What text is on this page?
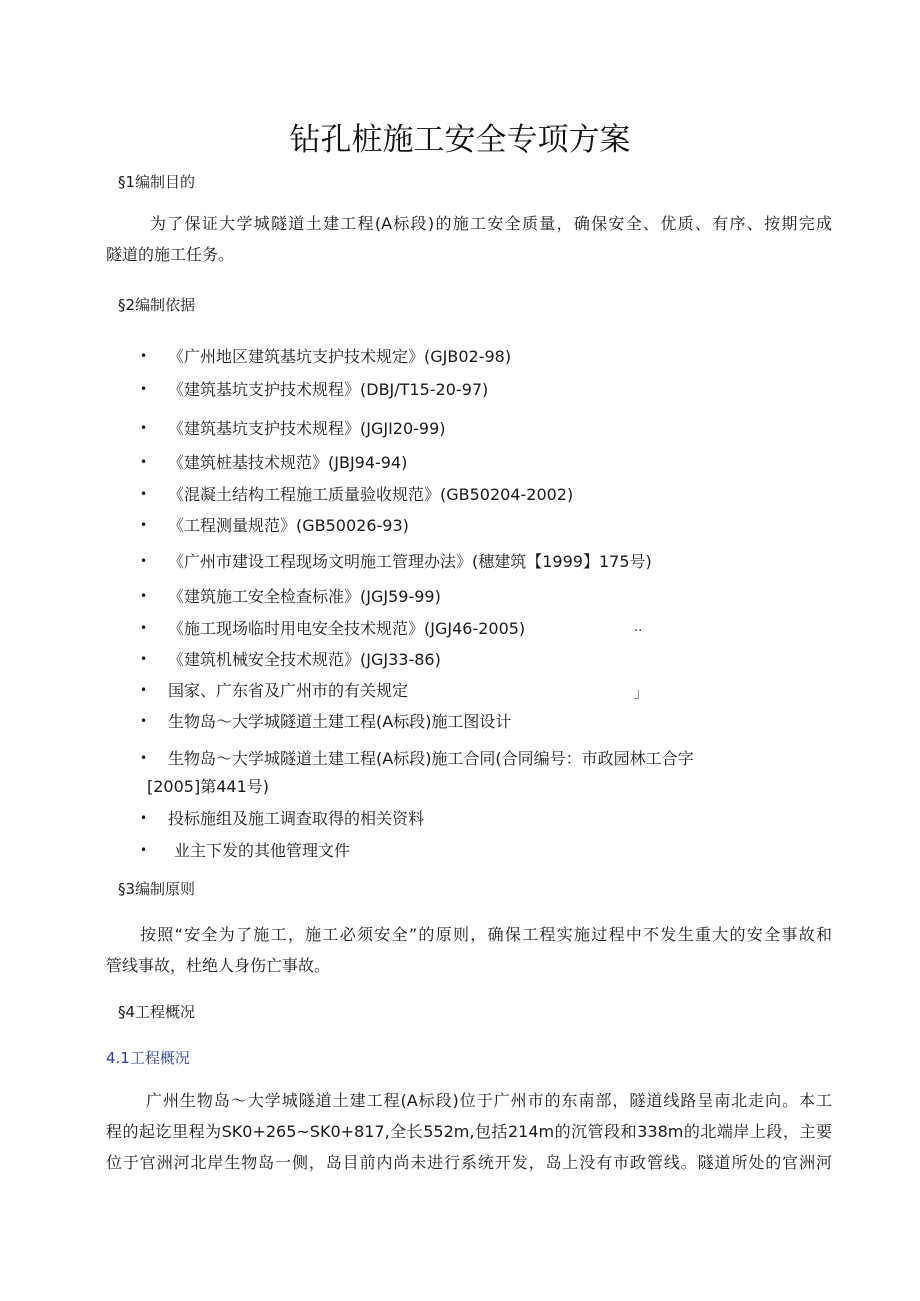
钻孔桩施工安全专项方案
§1编制目的
为了保证大学城隧道土建工程(A标段)的施工安全质量，确保安全、优质、有序、按期完成
隧道的施工任务。
§2编制依据
• 《广州地区建筑基坑支护技术规定》(GJB02-98)
• 《建筑基坑支护技术规程》(DBJ/T15-20-97)
• 《建筑基坑支护技术规程》(JGJI20-99)
• 《建筑桩基技术规范》(JBJ94-94)
• 《混凝土结构工程施工质量验收规范》(GB50204-2002)
• 《工程测量规范》(GB50026-93)
• 《广州市建设工程现场文明施工管理办法》(穗建筑【1999】175号)
• 《建筑施工安全检查标准》(JGJ59-99)
• 《施工现场临时用电安全技术规范》(JGJ46-2005)	..
• 《建筑机械安全技术规范》(JGJ33-86)
• 国家、广东省及广州市的有关规定	」
• 生物岛～大学城隧道土建工程(A标段)施工图设计
• 生物岛～大学城隧道土建工程(A标段)施工合同(合同编号：市政园林工合字
[2005]第441号)
• 投标施组及施工调查取得的相关资料
• 业主下发的其他管理文件
§3编制原则
按照“安全为了施工，施工必须安全”的原则，确保工程实施过程中不发生重大的安全事故和
管线事故，杜绝人身伤亡事故。
§4工程概况
4.1工程概况
广州生物岛～大学城隧道土建工程(A标段)位于广州市的东南部，隧道线路呈南北走向。本工
程的起讫里程为SK0+265~SK0+817,全长552m,包括214m的沉管段和338m的北端岸上段，主要
位于官洲河北岸生物岛一侧，岛目前内尚未进行系统开发，岛上没有市政管线。隧道所处的官洲河
